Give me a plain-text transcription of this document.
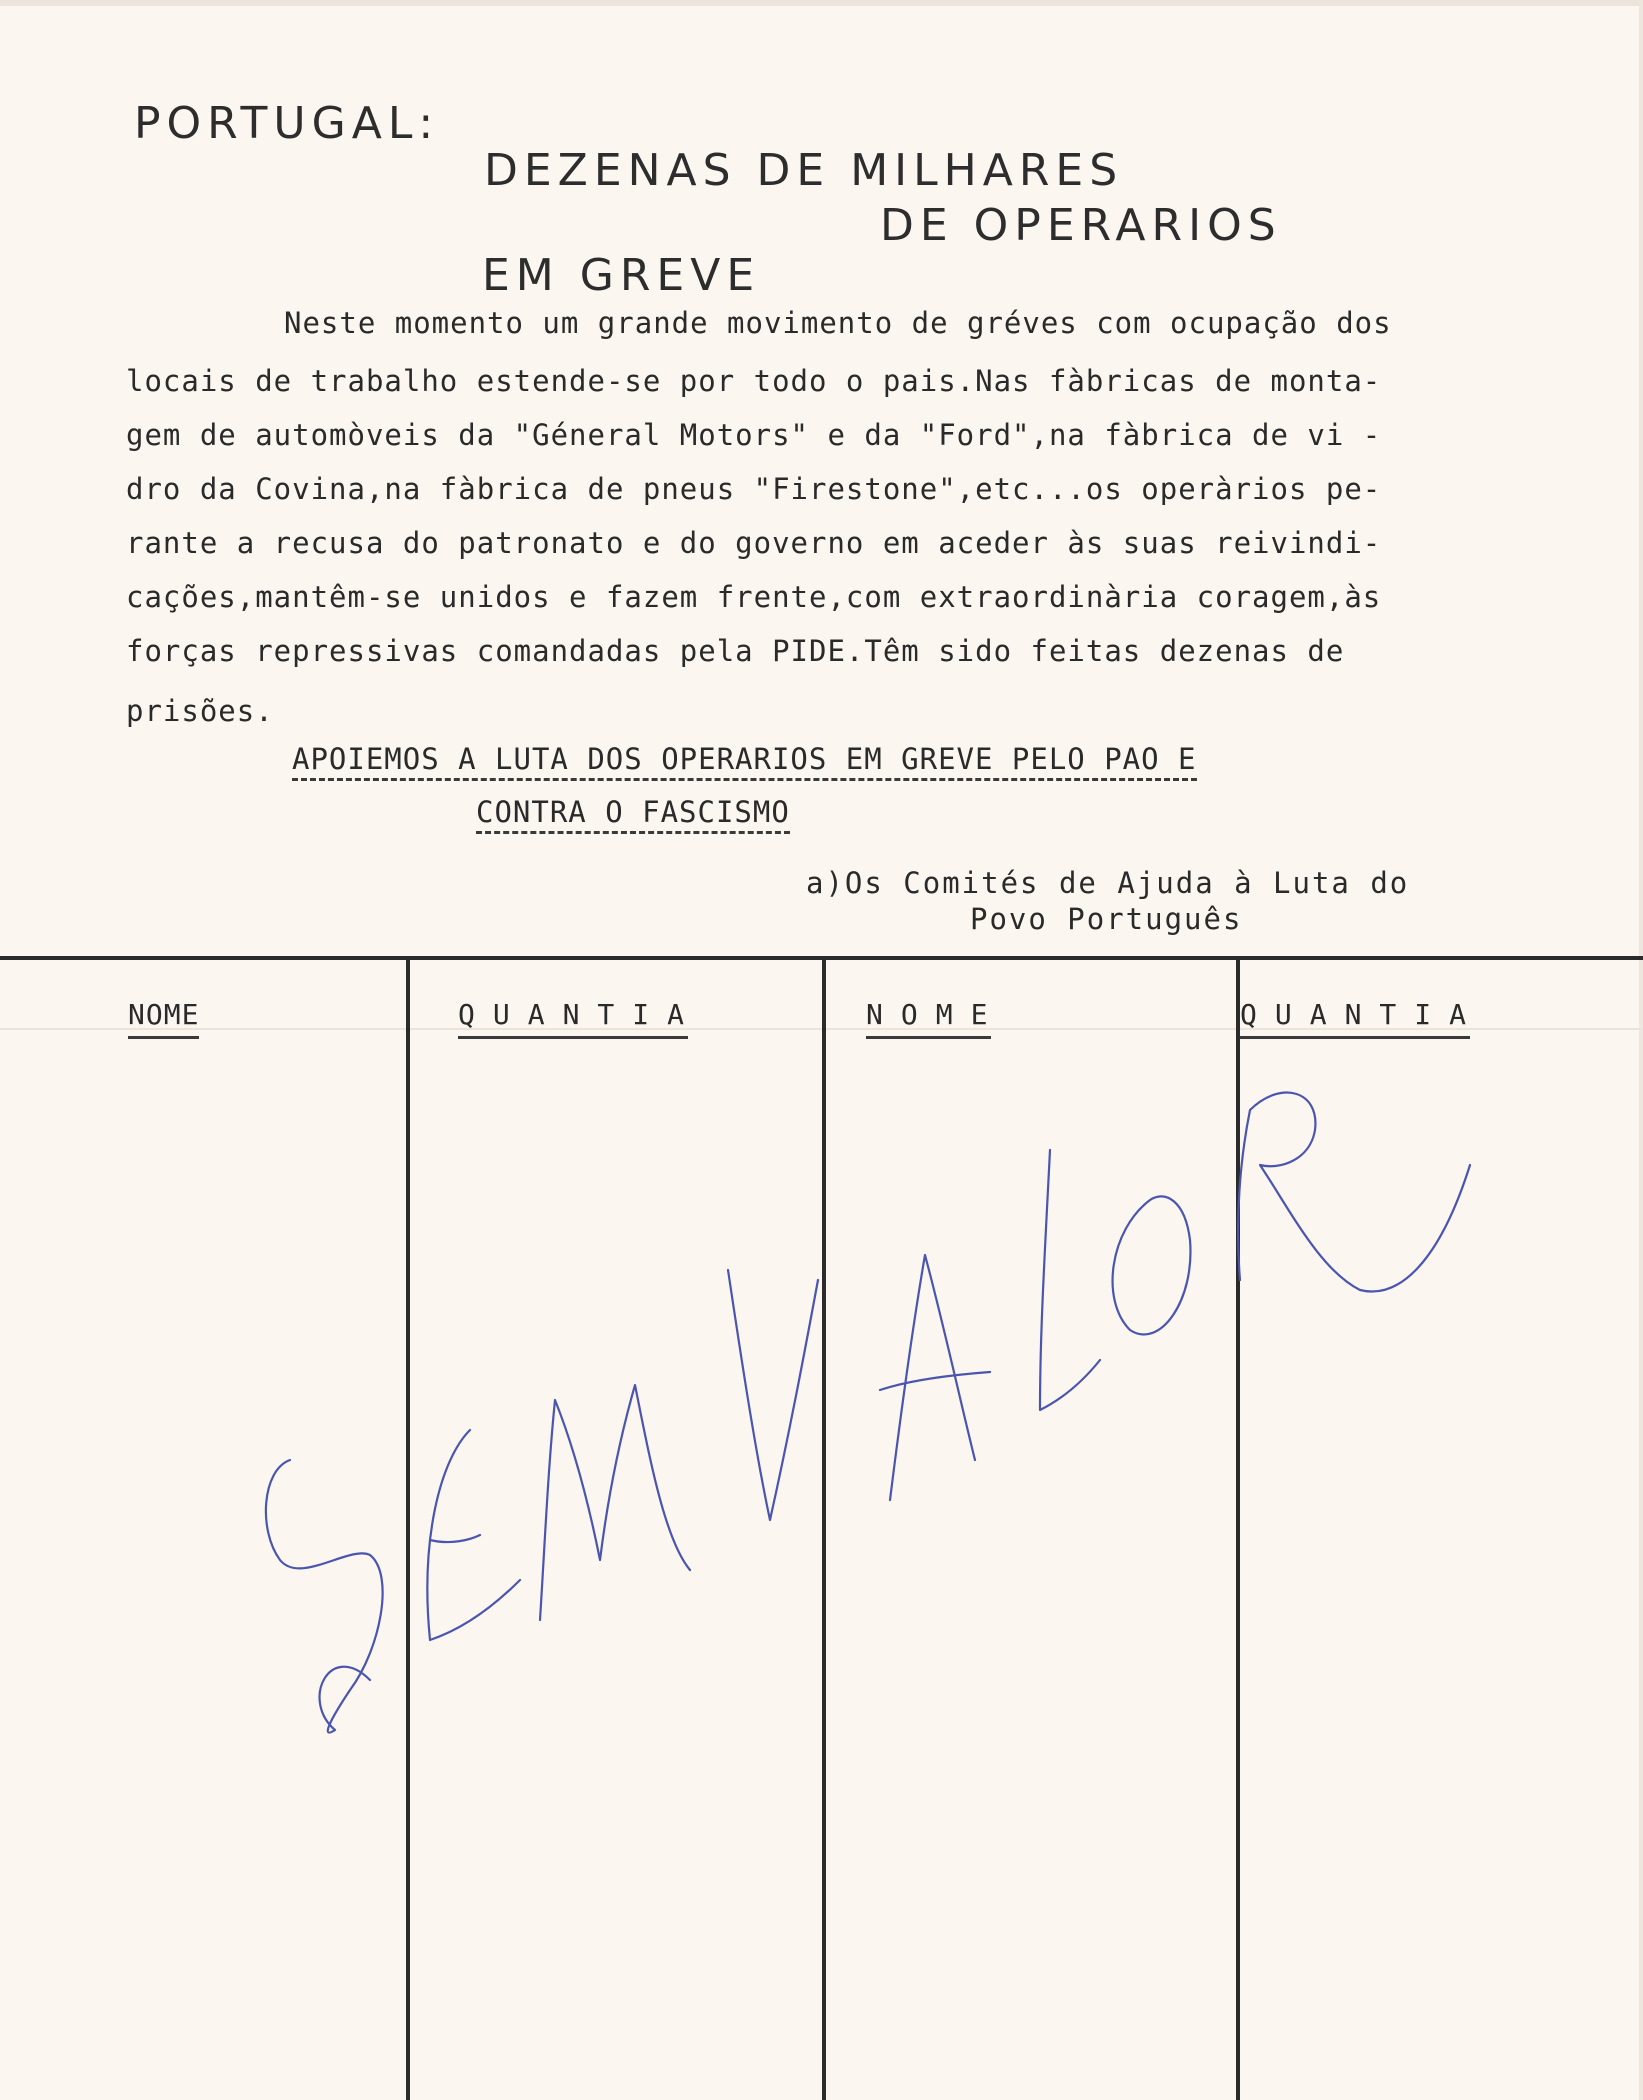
PORTUGAL:
DEZENAS DE MILHARES
DE OPERARIOS
EM GREVE
Neste momento um grande movimento de gréves com ocupação dos
locais de trabalho estende-se por todo o pais.Nas fàbricas de monta-
gem de automòveis da "Géneral Motors" e da "Ford",na fàbrica de vi -
dro da Covina,na fàbrica de pneus "Firestone",etc...os operàrios pe-
rante a recusa do patronato e do governo em aceder às suas reivindi-
cações,mantêm-se unidos e fazem frente,com extraordinària coragem,às
forças repressivas comandadas pela PIDE.Têm sido feitas dezenas de
prisões.
APOIEMOS A LUTA DOS OPERARIOS EM GREVE PELO PAO E
CONTRA O FASCISMO
a)Os Comités de Ajuda à Luta do
Povo Português
NOME	QUANTIA	NOME	QUANTIA
